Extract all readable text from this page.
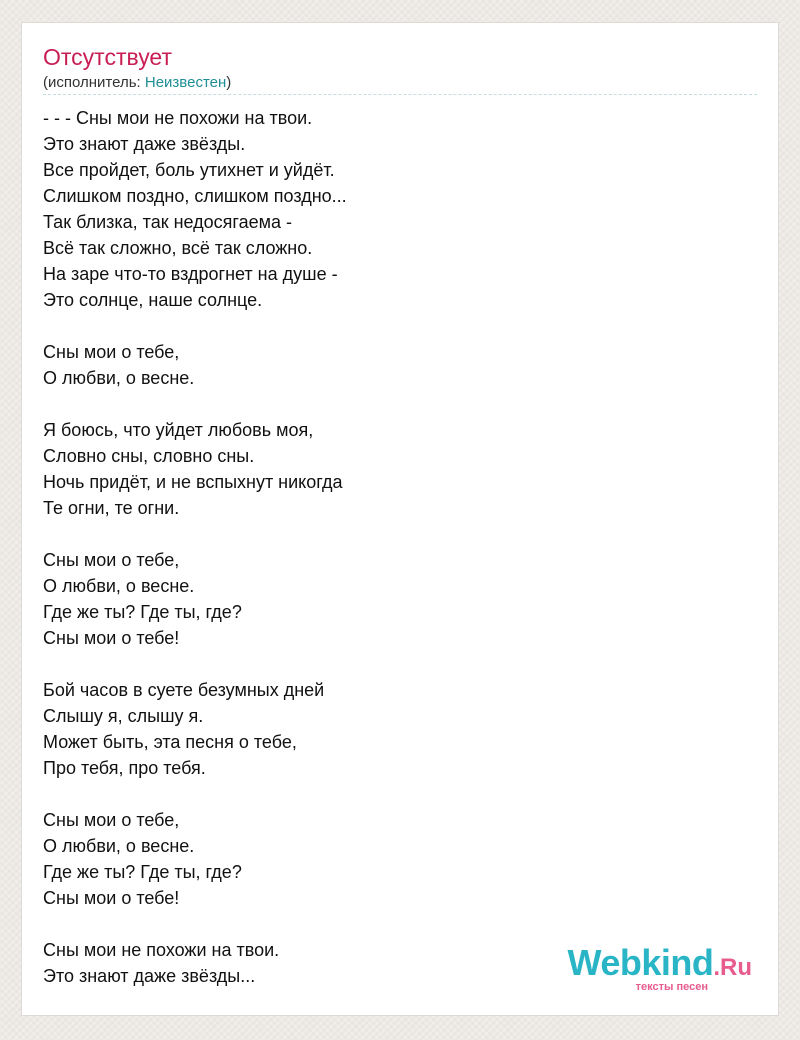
Отсутствует
(исполнитель: Неизвестен)
- - - Сны мои не похожи на твои.
Это знают даже звёзды.
Все пройдет, боль утихнет и уйдёт.
Слишком поздно, слишком поздно...
Так близка, так недосягаема -
Всё так сложно, всё так сложно.
На заре что-то вздрогнет на душе -
Это солнце, наше солнце.
Сны мои о тебе,
О любви, о весне.
Я боюсь, что уйдет любовь моя,
Словно сны, словно сны.
Ночь придёт, и не вспыхнут никогда
Те огни, те огни.
Сны мои о тебе,
О любви, о весне.
Где же ты? Где ты, где?
Сны мои о тебе!
Бой часов в суете безумных дней
Слышу я, слышу я.
Может быть, эта песня о тебе,
Про тебя, про тебя.
Сны мои о тебе,
О любви, о весне.
Где же ты? Где ты, где?
Сны мои о тебе!
Сны мои не похожи на твои.
Это знают даже звёзды...	Webkind.Ru
тексты песен
